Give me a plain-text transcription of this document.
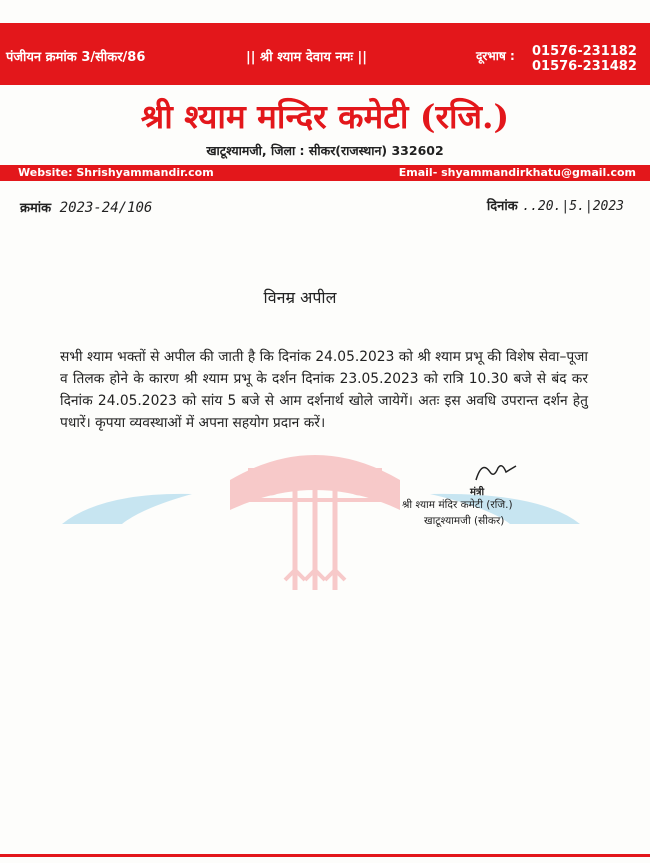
पंजीयन क्रमांक 3/सीकर/86	|| श्री श्याम देवाय नमः ||	दूरभाष : 01576-231182
01576-231482
श्री श्याम मन्दिर कमेटी (रजि.)
खाटूश्यामजी, जिला : सीकर(राजस्थान) 332602
Website: Shrishyammandir.com	Email- shyammandirkhatu@gmail.com
क्रमांक 2023-24/106	दिनांक ..20.|5.|2023
विनम्र अपील
सभी श्याम भक्तों से अपील की जाती है कि दिनांक 24.05.2023 को श्री श्याम प्रभू की विशेष सेवा–पूजा व तिलक होने के कारण श्री श्याम प्रभू के दर्शन दिनांक 23.05.2023 को रात्रि 10.30 बजे से बंद कर दिनांक 24.05.2023 को सांय 5 बजे से आम दर्शनार्थ खोले जायेगें। अतः इस अवधि उपरान्त दर्शन हेतु पधारें। कृपया व्यवस्थाओं में अपना सहयोग प्रदान करें।
मंत्री
श्री श्याम मंदिर कमेटी (रजि.)
खाटूश्यामजी (सीकर)
